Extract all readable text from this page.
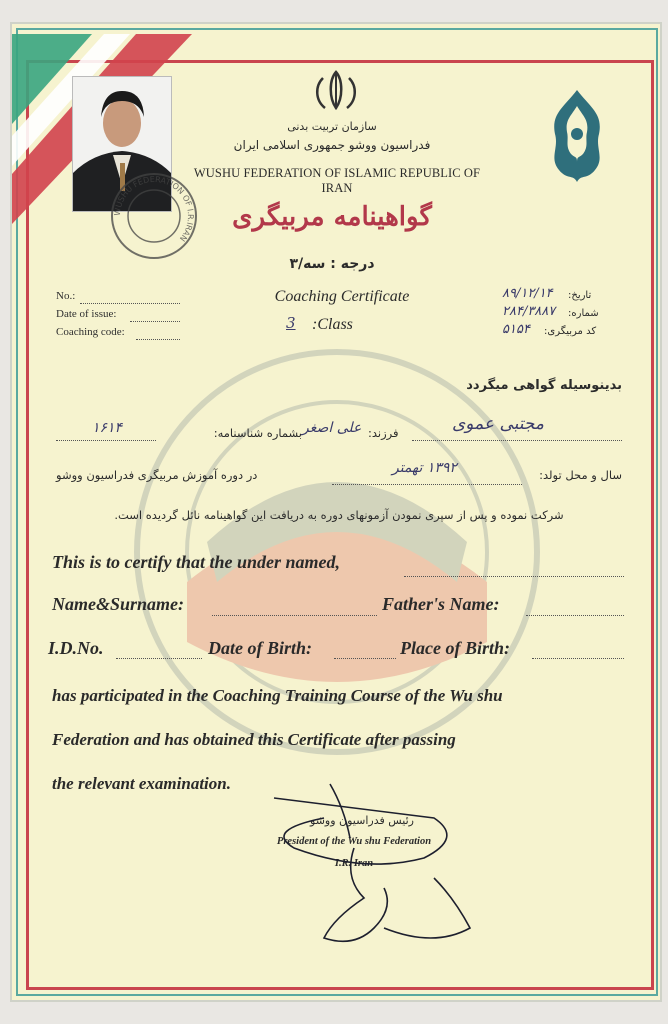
WUSHU FEDERATION OF I.R.IRAN

سازمان تربیت بدنی

فدراسیون ووشو جمهوری اسلامی ایران

WUSHU FEDERATION OF ISLAMIC REPUBLIC OF IRAN

گواهینامه مربیگری

درجه : سه/۳

No.:

Date of issue:

Coaching code:

Coaching Certificate

3 :Class

تاریخ:

۸۹/۱۲/۱۴

شماره:

۲۸۴/۳۸۸۷

کد مربیگری:

۵۱۵۴

بدینوسیله گواهی میگردد

مجتبی عموی

فرزند:

علی اصغر

بشماره شناسنامه:

۱۶۱۴

سال و محل تولد:

۱۳۹۲ تهمتر

در دوره آموزش مربیگری فدراسیون ووشو

شرکت نموده و پس از سپری نمودن آزمونهای دوره به دریافت این گواهینامه نائل گردیده است.

This is to certify that the under named,

Name&Surname:	Father's Name:

I.D.No.	Date of Birth:	Place of Birth:

has participated in the Coaching Training Course of the Wu shu

Federation and has obtained this Certificate after passing

the relevant examination.

رئیس فدراسیون ووشو

President of the Wu shu Federation

I.R. Iran
